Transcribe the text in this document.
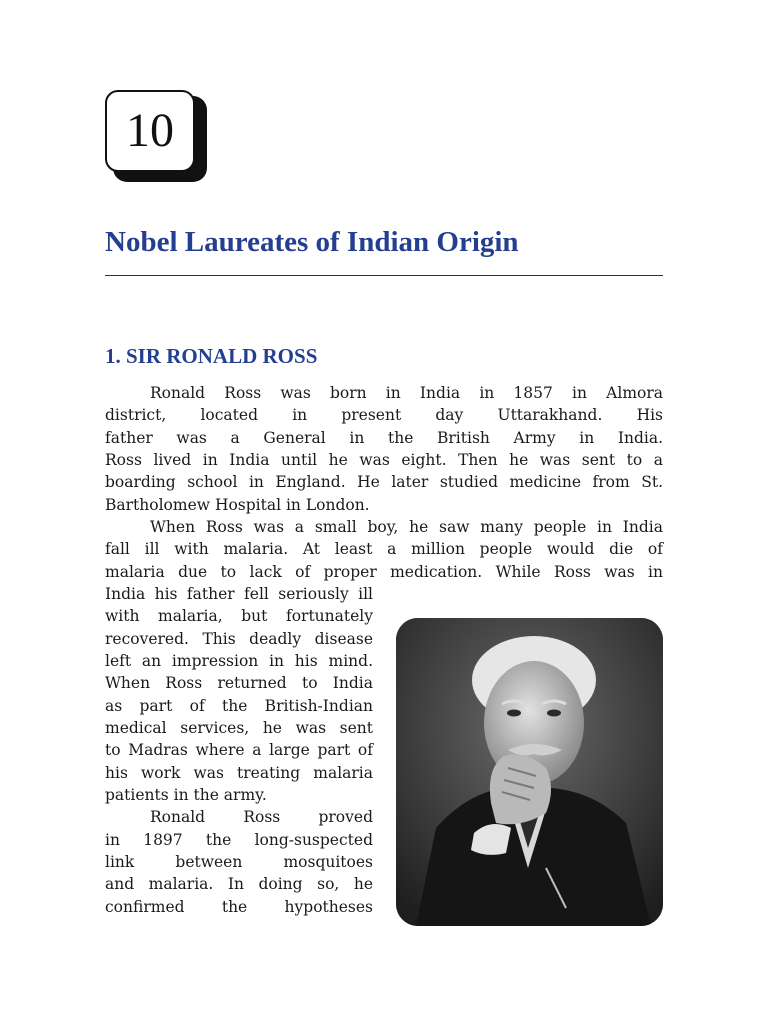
10
Nobel Laureates of Indian Origin
1. SIR RONALD ROSS
Ronald Ross was born in India in 1857 in Almora
district, located in present day Uttarakhand. His
father was a General in the British Army in India.
Ross lived in India until he was eight. Then he was sent to a
boarding school in England. He later studied medicine from St.
Bartholomew Hospital in London.
When Ross was a small boy, he saw many people in India
fall ill with malaria. At least a million people would die of
malaria due to lack of proper medication. While Ross was in
India his father fell seriously ill
with malaria, but fortunately
recovered. This deadly disease
left an impression in his mind.
When Ross returned to India
as part of the British-Indian
medical services, he was sent
to Madras where a large part of
his work was treating malaria
patients in the army.
Ronald Ross proved
in 1897 the long-suspected
link between mosquitoes
and malaria. In doing so, he
confirmed the hypotheses
